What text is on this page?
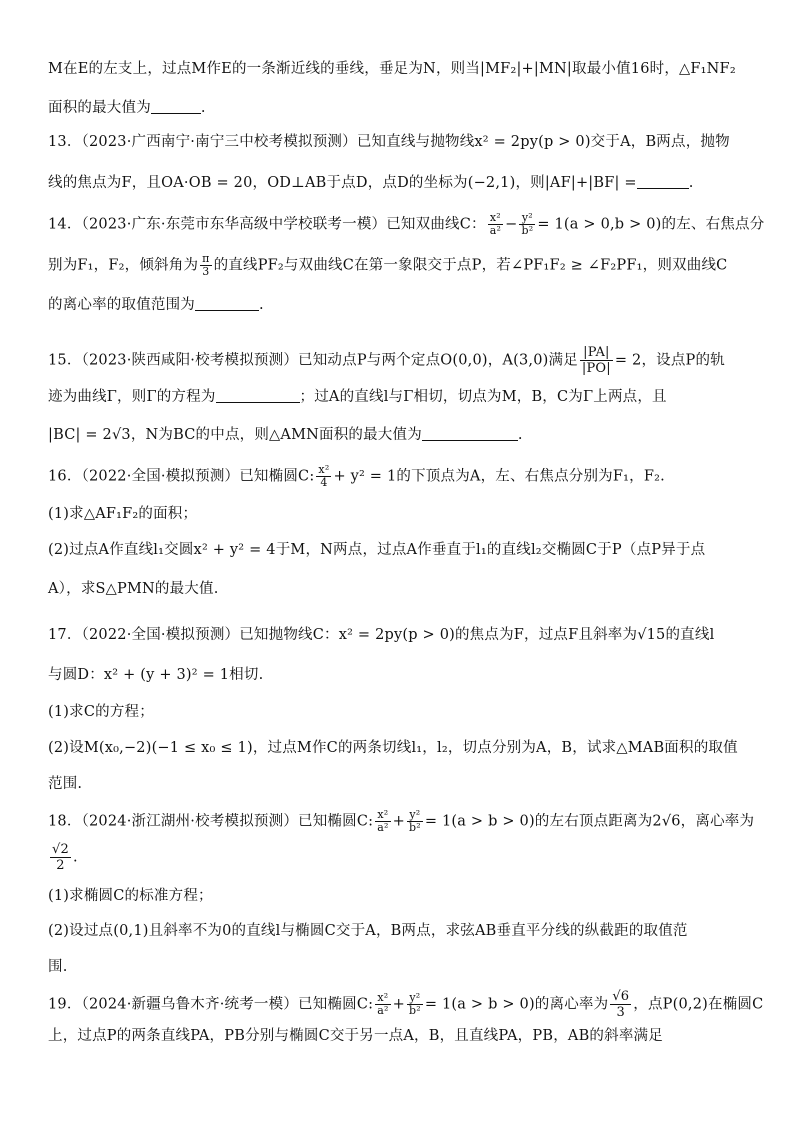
M在E的左支上，过点M作E的一条渐近线的垂线，垂足为N，则当|MF₂|+|MN|取最小值16时，△F₁NF₂
面积的最大值为	.
13．（2023·广西南宁·南宁三中校考模拟预测）已知直线与抛物线x² = 2py(p > 0)交于A，B两点，抛物
线的焦点为F，且OA·OB = 20，OD⊥AB于点D，点D的坐标为(−2,1)，则|AF|+|BF| =	.
14．（2023·广东·东莞市东华高级中学校联考一模）已知双曲线C： $\frac{\text{x²}}{\text{a²}} - \frac{\text{y²}}{\text{b²}} = 1(a > 0,b > 0)$的左、右焦点分
别为F₁，F₂，倾斜角为 $\frac{\pi}{3}$ 的直线PF₂与双曲线C在第一象限交于点P，若∠PF₁F₂ ≥ ∠F₂PF₁，则双曲线C
的离心率的取值范围为	.
15．（2023·陕西咸阳·校考模拟预测）已知动点P与两个定点O(0,0)，A(3,0)满足 $\frac{|PA|}{|PO|} = 2$，设点P的轨
迹为曲线Γ，则Γ的方程为	；过A的直线l与Γ相切，切点为M，B，C为Γ上两点，且
|BC| = 2√3，N为BC的中点，则△AMN面积的最大值为	.
16．（2022·全国·模拟预测）已知椭圆C: $\frac{\text{x²}}{4} + y^2 = 1$的下顶点为A，左、右焦点分别为F₁，F₂.
(1)求△AF₁F₂的面积；
(2)过点A作直线l₁交圆x² + y² = 4于M，N两点，过点A作垂直于l₁的直线l₂交椭圆C于P（点P异于点
A），求S△PMN的最大值.
17．（2022·全国·模拟预测）已知抛物线C：x² = 2py(p > 0)的焦点为F，过点F且斜率为√15的直线l
与圆D：x² + (y + 3)² = 1相切.
(1)求C的方程；
(2)设M(x₀,−2)(−1 ≤ x₀ ≤ 1)，过点M作C的两条切线l₁，l₂，切点分别为A，B，试求△MAB面积的取值
范围.
18．（2024·浙江湖州·校考模拟预测）已知椭圆C: $\frac{\text{x²}}{\text{a²}} + \frac{\text{y²}}{\text{b²}} = 1(a > b > 0)$的左右顶点距离为2√6，离心率为
$\frac{√2}{2}$ .
(1)求椭圆C的标准方程；
(2)设过点(0,1)且斜率不为0的直线l与椭圆C交于A，B两点，求弦AB垂直平分线的纵截距的取值范
围.
19．（2024·新疆乌鲁木齐·统考一模）已知椭圆C: $\frac{\text{x²}}{\text{a²}} + \frac{\text{y²}}{\text{b²}} = 1(a > b > 0)$的离心率为 $\frac{√6}{3}$ ，点P(0,2)在椭圆C
上，过点P的两条直线PA，PB分别与椭圆C交于另一点A，B，且直线PA，PB，AB的斜率满足
